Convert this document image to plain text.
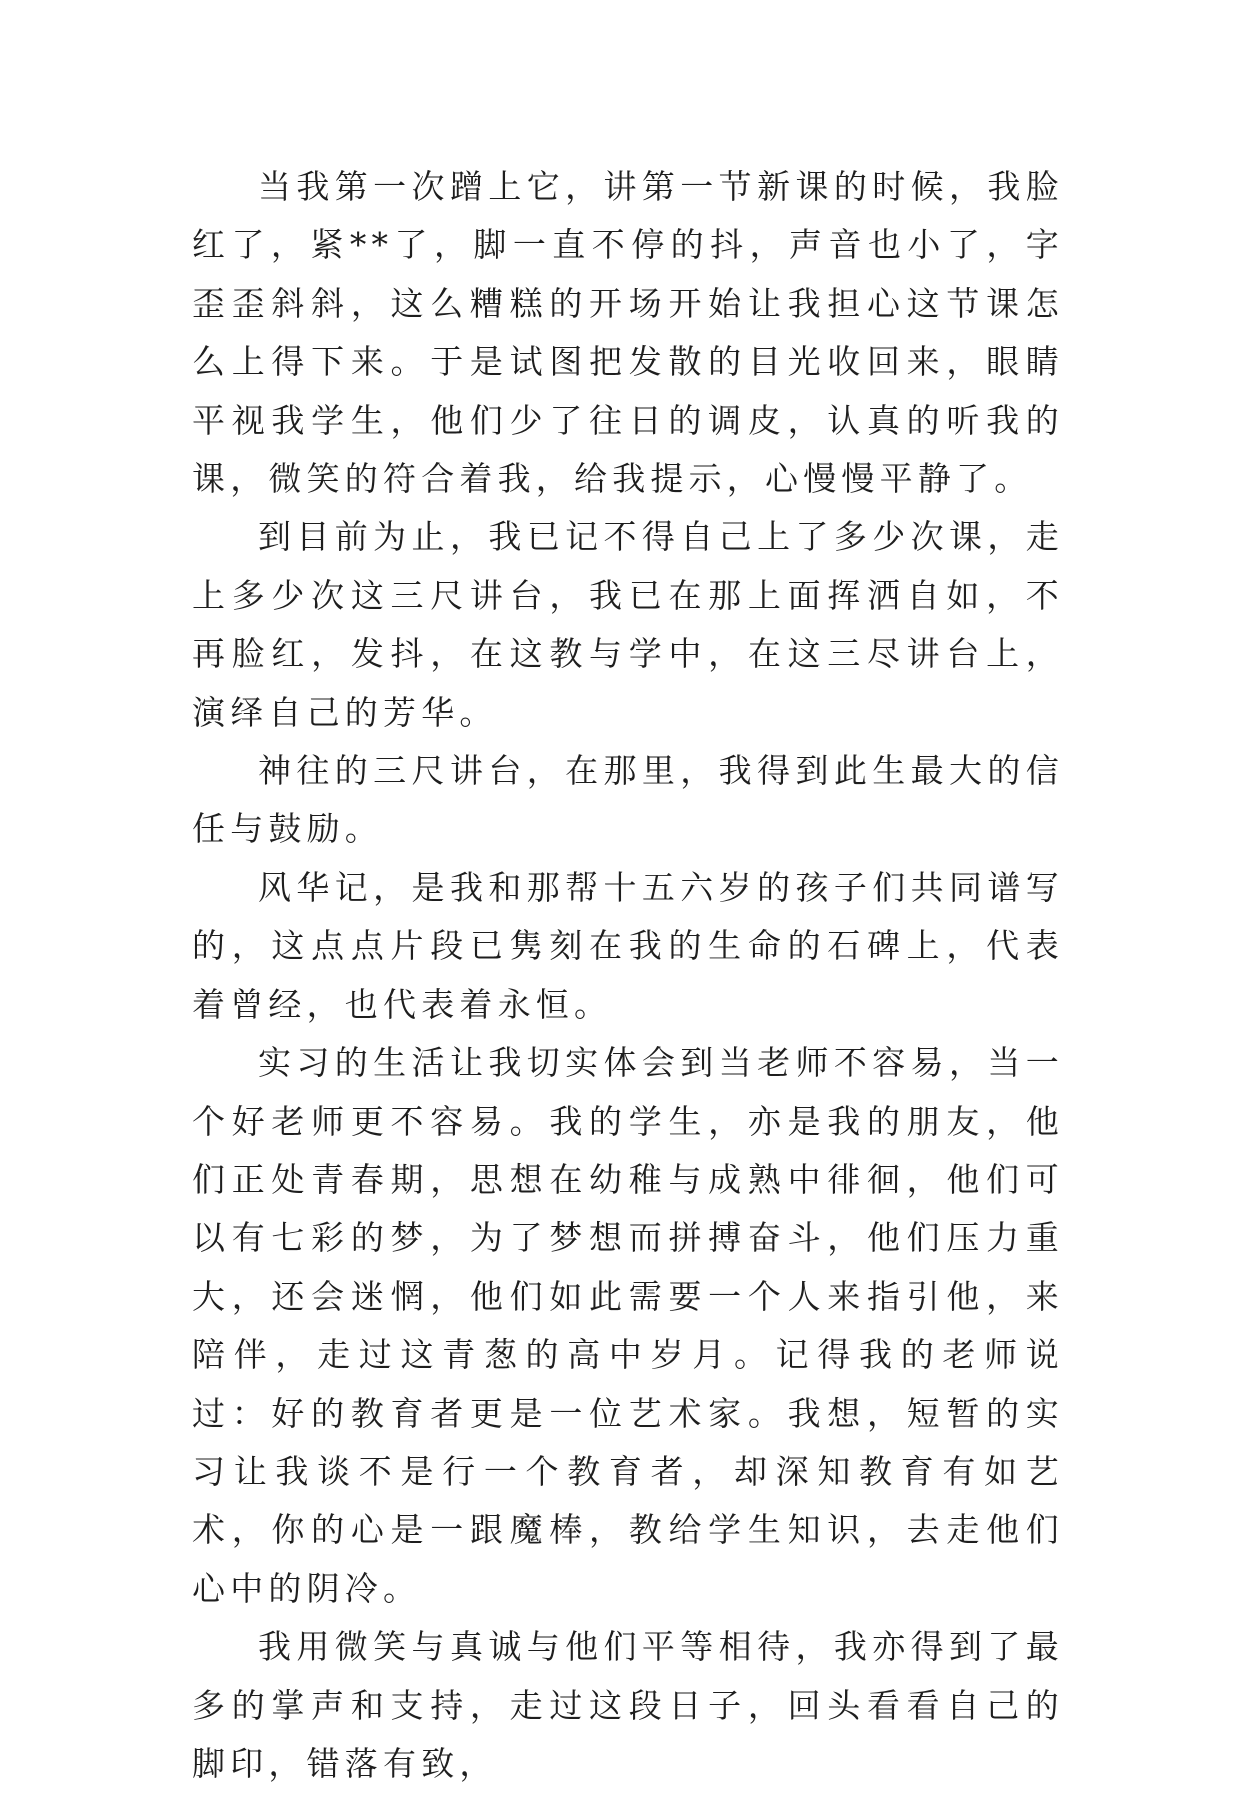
当我第一次蹭上它，讲第一节新课的时候，我脸红了，紧**了，脚一直不停的抖，声音也小了，字歪歪斜斜，这么糟糕的开场开始让我担心这节课怎么上得下来。于是试图把发散的目光收回来，眼睛平视我学生，他们少了往日的调皮，认真的听我的课，微笑的符合着我，给我提示，心慢慢平静了。

到目前为止，我已记不得自己上了多少次课，走上多少次这三尺讲台，我已在那上面挥洒自如，不再脸红，发抖，在这教与学中，在这三尽讲台上，演绎自己的芳华。

神往的三尺讲台，在那里，我得到此生最大的信任与鼓励。

风华记，是我和那帮十五六岁的孩子们共同谱写的，这点点片段已隽刻在我的生命的石碑上，代表着曾经，也代表着永恒。

实习的生活让我切实体会到当老师不容易，当一个好老师更不容易。我的学生，亦是我的朋友，他们正处青春期，思想在幼稚与成熟中徘徊，他们可以有七彩的梦，为了梦想而拼搏奋斗，他们压力重大，还会迷惘，他们如此需要一个人来指引他，来陪伴，走过这青葱的高中岁月。记得我的老师说过：好的教育者更是一位艺术家。我想，短暂的实习让我谈不是行一个教育者，却深知教育有如艺术，你的心是一跟魔棒，教给学生知识，去走他们心中的阴冷。

我用微笑与真诚与他们平等相待，我亦得到了最多的掌声和支持，走过这段日子，回头看看自己的脚印，错落有致，
